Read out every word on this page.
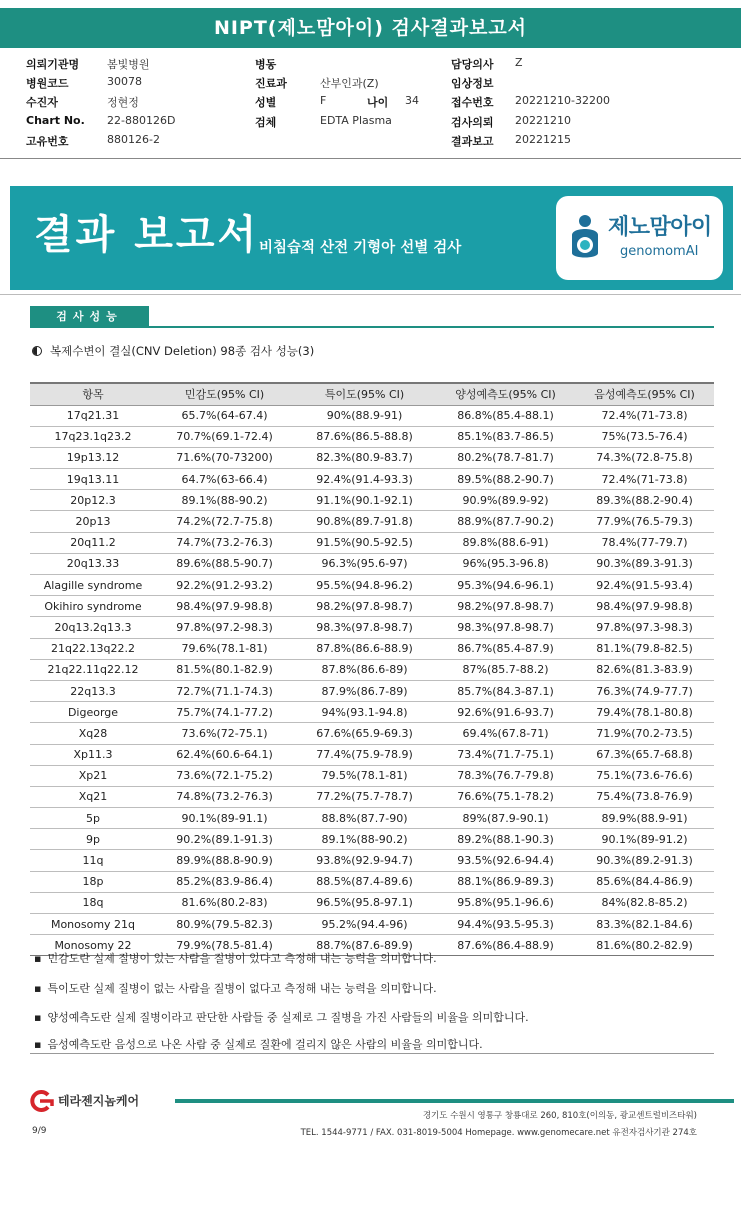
NIPT(제노맘아이) 검사결과보고서
의뢰기관명	봄빛병원
병원코드	30078
수진자	정현정
Chart No. 22-880126D
고유번호	880126-2
병동
진료과	산부인과(Z)
성별	F	나이 34
검체	EDTA Plasma
담당의사 Z
임상정보
접수번호 20221210-32200
검사의뢰 20221210
결과보고 20221215
결과 보고서 비침습적 산전 기형아 선별 검사
제노맘아이
genomomAI
검사성능
복제수변이 결실(CNV Deletion) 98종 검사 성능(3)
항목	민감도(95% CI)	특이도(95% CI)	양성예측도(95% CI)	음성예측도(95% CI)
17q21.31	65.7%(64-67.4)	90%(88.9-91)	86.8%(85.4-88.1)	72.4%(71-73.8)
17q23.1q23.2	70.7%(69.1-72.4)	87.6%(86.5-88.8)	85.1%(83.7-86.5)	75%(73.5-76.4)
19p13.12	71.6%(70-73200)	82.3%(80.9-83.7)	80.2%(78.7-81.7)	74.3%(72.8-75.8)
19q13.11	64.7%(63-66.4)	92.4%(91.4-93.3)	89.5%(88.2-90.7)	72.4%(71-73.8)
20p12.3	89.1%(88-90.2)	91.1%(90.1-92.1)	90.9%(89.9-92)	89.3%(88.2-90.4)
20p13	74.2%(72.7-75.8)	90.8%(89.7-91.8)	88.9%(87.7-90.2)	77.9%(76.5-79.3)
20q11.2	74.7%(73.2-76.3)	91.5%(90.5-92.5)	89.8%(88.6-91)	78.4%(77-79.7)
20q13.33	89.6%(88.5-90.7)	96.3%(95.6-97)	96%(95.3-96.8)	90.3%(89.3-91.3)
Alagille syndrome	92.2%(91.2-93.2)	95.5%(94.8-96.2)	95.3%(94.6-96.1)	92.4%(91.5-93.4)
Okihiro syndrome	98.4%(97.9-98.8)	98.2%(97.8-98.7)	98.2%(97.8-98.7)	98.4%(97.9-98.8)
20q13.2q13.3	97.8%(97.2-98.3)	98.3%(97.8-98.7)	98.3%(97.8-98.7)	97.8%(97.3-98.3)
21q22.13q22.2	79.6%(78.1-81)	87.8%(86.6-88.9)	86.7%(85.4-87.9)	81.1%(79.8-82.5)
21q22.11q22.12	81.5%(80.1-82.9)	87.8%(86.6-89)	87%(85.7-88.2)	82.6%(81.3-83.9)
22q13.3	72.7%(71.1-74.3)	87.9%(86.7-89)	85.7%(84.3-87.1)	76.3%(74.9-77.7)
Digeorge	75.7%(74.1-77.2)	94%(93.1-94.8)	92.6%(91.6-93.7)	79.4%(78.1-80.8)
Xq28	73.6%(72-75.1)	67.6%(65.9-69.3)	69.4%(67.8-71)	71.9%(70.2-73.5)
Xp11.3	62.4%(60.6-64.1)	77.4%(75.9-78.9)	73.4%(71.7-75.1)	67.3%(65.7-68.8)
Xp21	73.6%(72.1-75.2)	79.5%(78.1-81)	78.3%(76.7-79.8)	75.1%(73.6-76.6)
Xq21	74.8%(73.2-76.3)	77.2%(75.7-78.7)	76.6%(75.1-78.2)	75.4%(73.8-76.9)
5p	90.1%(89-91.1)	88.8%(87.7-90)	89%(87.9-90.1)	89.9%(88.9-91)
9p	90.2%(89.1-91.3)	89.1%(88-90.2)	89.2%(88.1-90.3)	90.1%(89-91.2)
11q	89.9%(88.8-90.9)	93.8%(92.9-94.7)	93.5%(92.6-94.4)	90.3%(89.2-91.3)
18p	85.2%(83.9-86.4)	88.5%(87.4-89.6)	88.1%(86.9-89.3)	85.6%(84.4-86.9)
18q	81.6%(80.2-83)	96.5%(95.8-97.1)	95.8%(95.1-96.6)	84%(82.8-85.2)
Monosomy 21q	80.9%(79.5-82.3)	95.2%(94.4-96)	94.4%(93.5-95.3)	83.3%(82.1-84.6)
Monosomy 22	79.9%(78.5-81.4)	88.7%(87.6-89.9)	87.6%(86.4-88.9)	81.6%(80.2-82.9)
▪ 민감도란 실제 질병이 있는 사람을 질병이 있다고 측정해 내는 능력을 의미합니다.
▪ 특이도란 실제 질병이 없는 사람을 질병이 없다고 측정해 내는 능력을 의미합니다.
▪ 양성예측도란 실제 질병이라고 판단한 사람들 중 실제로 그 질병을 가진 사람들의 비율을 의미합니다.
▪ 음성예측도란 음성으로 나온 사람 중 실제로 질환에 걸리지 않은 사람의 비율을 의미합니다.
테라젠지놈케어
경기도 수원시 영통구 창룡대로 260, 810호(이의동, 광교센트럴비즈타워)
TEL. 1544-9771 / FAX. 031-8019-5004 Homepage. www.genomecare.net 유전자검사기관 274호
9/9
